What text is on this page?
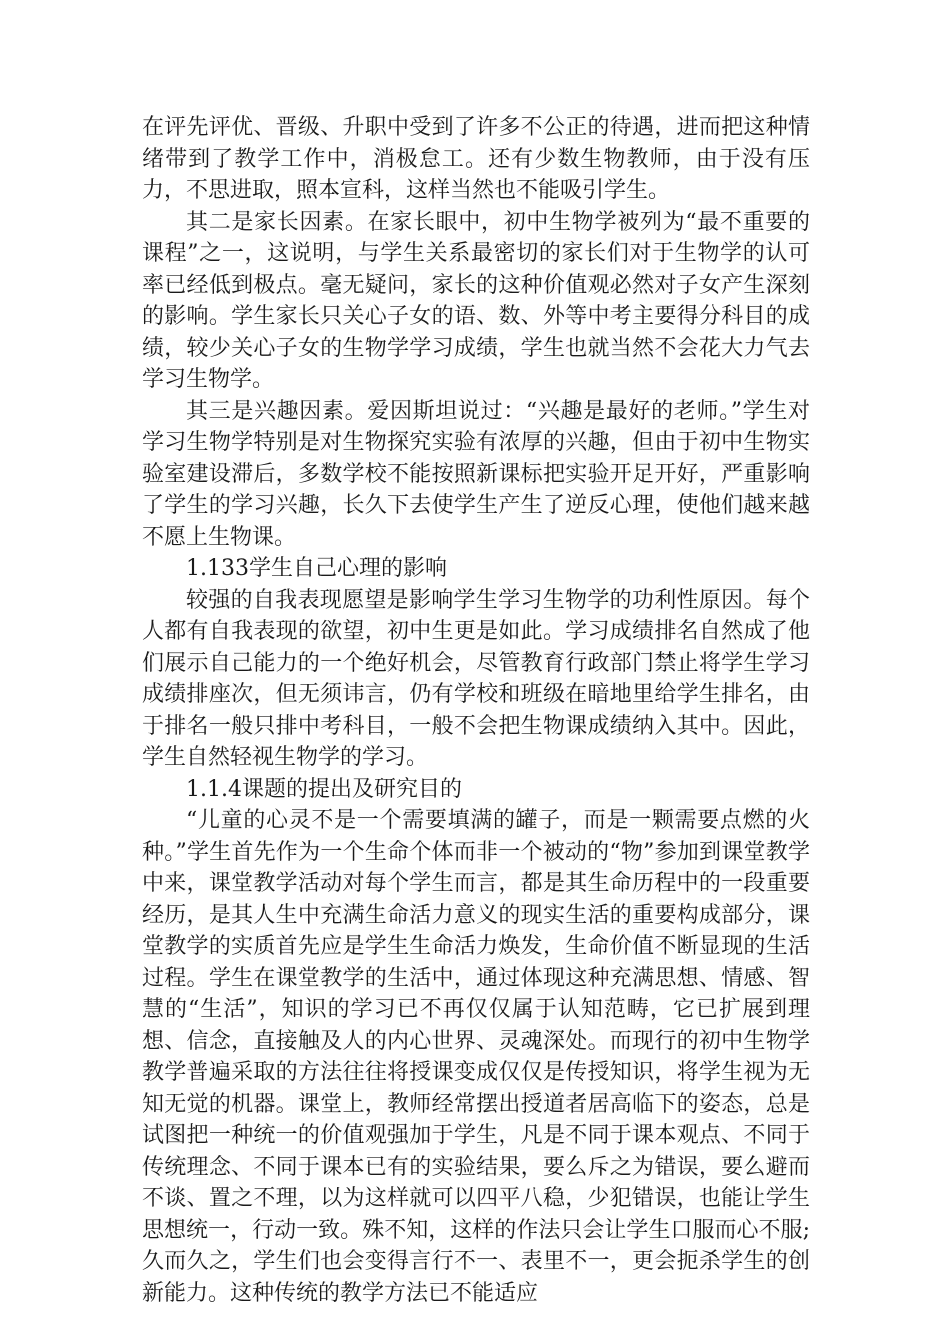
在评先评优、晋级、升职中受到了许多不公正的待遇，进而把这种情绪带到了教学工作中，消极怠工。还有少数生物教师，由于没有压力，不思进取，照本宣科，这样当然也不能吸引学生。

其二是家长因素。在家长眼中，初中生物学被列为“最不重要的课程”之一，这说明，与学生关系最密切的家长们对于生物学的认可率已经低到极点。毫无疑问，家长的这种价值观必然对子女产生深刻的影响。学生家长只关心子女的语、数、外等中考主要得分科目的成绩，较少关心子女的生物学学习成绩，学生也就当然不会花大力气去学习生物学。

其三是兴趣因素。爱因斯坦说过：“兴趣是最好的老师。”学生对学习生物学特别是对生物探究实验有浓厚的兴趣，但由于初中生物实验室建设滞后，多数学校不能按照新课标把实验开足开好，严重影响了学生的学习兴趣，长久下去使学生产生了逆反心理，使他们越来越不愿上生物课。

1.133学生自己心理的影响

较强的自我表现愿望是影响学生学习生物学的功利性原因。每个人都有自我表现的欲望，初中生更是如此。学习成绩排名自然成了他们展示自己能力的一个绝好机会，尽管教育行政部门禁止将学生学习成绩排座次，但无须讳言，仍有学校和班级在暗地里给学生排名，由于排名一般只排中考科目，一般不会把生物课成绩纳入其中。因此，学生自然轻视生物学的学习。

1.1.4课题的提出及研究目的

“儿童的心灵不是一个需要填满的罐子，而是一颗需要点燃的火种。”学生首先作为一个生命个体而非一个被动的“物”参加到课堂教学中来，课堂教学活动对每个学生而言，都是其生命历程中的一段重要经历，是其人生中充满生命活力意义的现实生活的重要构成部分，课堂教学的实质首先应是学生生命活力焕发，生命价值不断显现的生活过程。学生在课堂教学的生活中，通过体现这种充满思想、情感、智慧的“生活”，知识的学习已不再仅仅属于认知范畴，它已扩展到理想、信念，直接触及人的内心世界、灵魂深处。而现行的初中生物学教学普遍采取的方法往往将授课变成仅仅是传授知识，将学生视为无知无觉的机器。课堂上，教师经常摆出授道者居高临下的姿态，总是试图把一种统一的价值观强加于学生，凡是不同于课本观点、不同于传统理念、不同于课本已有的实验结果，要么斥之为错误，要么避而不谈、置之不理，以为这样就可以四平八稳，少犯错误，也能让学生思想统一，行动一致。殊不知，这样的作法只会让学生口服而心不服;久而久之，学生们也会变得言行不一、表里不一，更会扼杀学生的创新能力。这种传统的教学方法已不能适应
